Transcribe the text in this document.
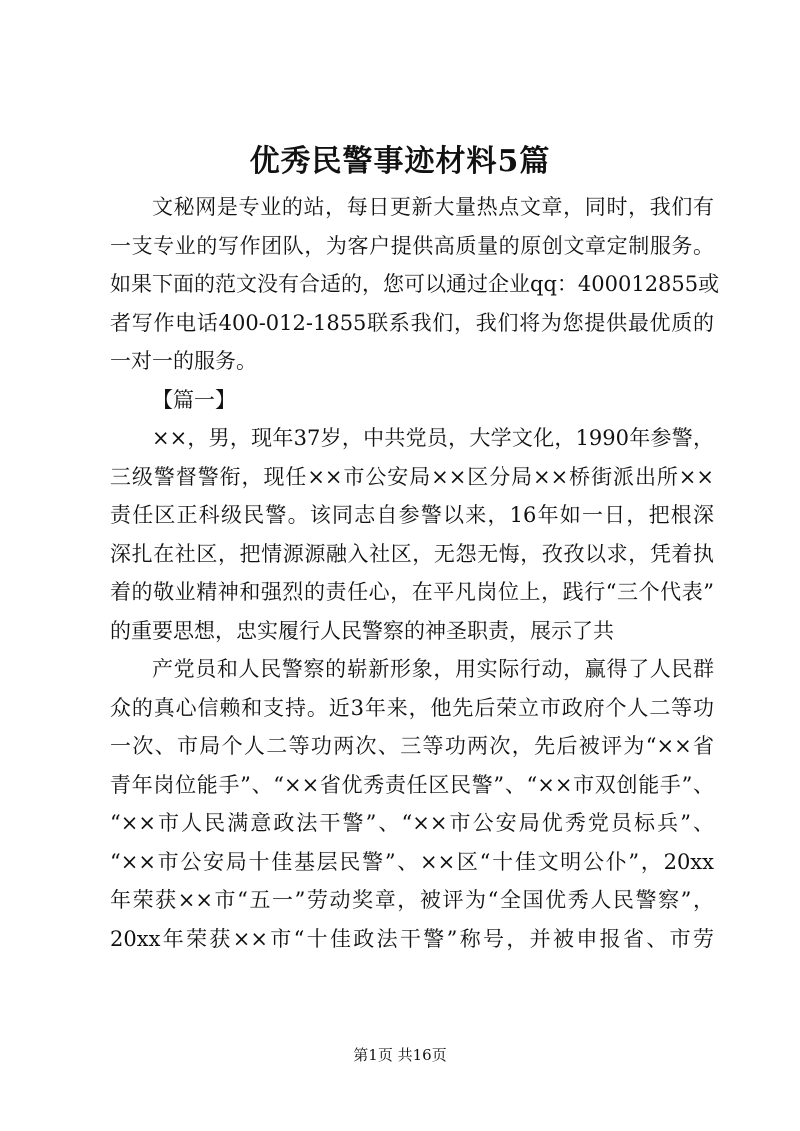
优秀民警事迹材料5篇
文秘网是专业的站，每日更新大量热点文章，同时，我们有
一支专业的写作团队，为客户提供高质量的原创文章定制服务。
如果下面的范文没有合适的，您可以通过企业qq：400012855或
者写作电话400-012-1855联系我们，我们将为您提供最优质的
一对一的服务。
【篇一】
××，男，现年37岁，中共党员，大学文化，1990年参警，
三级警督警衔，现任××市公安局××区分局××桥街派出所××
责任区正科级民警。该同志自参警以来，16年如一日，把根深
深扎在社区，把情源源融入社区，无怨无悔，孜孜以求，凭着执
着的敬业精神和强烈的责任心，在平凡岗位上，践行“三个代表”
的重要思想，忠实履行人民警察的神圣职责，展示了共
产党员和人民警察的崭新形象，用实际行动，赢得了人民群
众的真心信赖和支持。近3年来，他先后荣立市政府个人二等功
一次、市局个人二等功两次、三等功两次，先后被评为“××省
青年岗位能手”、“××省优秀责任区民警”、“××市双创能手”、
“××市人民满意政法干警”、“××市公安局优秀党员标兵”、
“××市公安局十佳基层民警”、××区“十佳文明公仆”，20xx
年荣获××市“五一”劳动奖章，被评为“全国优秀人民警察”，
20xx年荣获××市“十佳政法干警”称号，并被申报省、市劳
第1页 共16页
